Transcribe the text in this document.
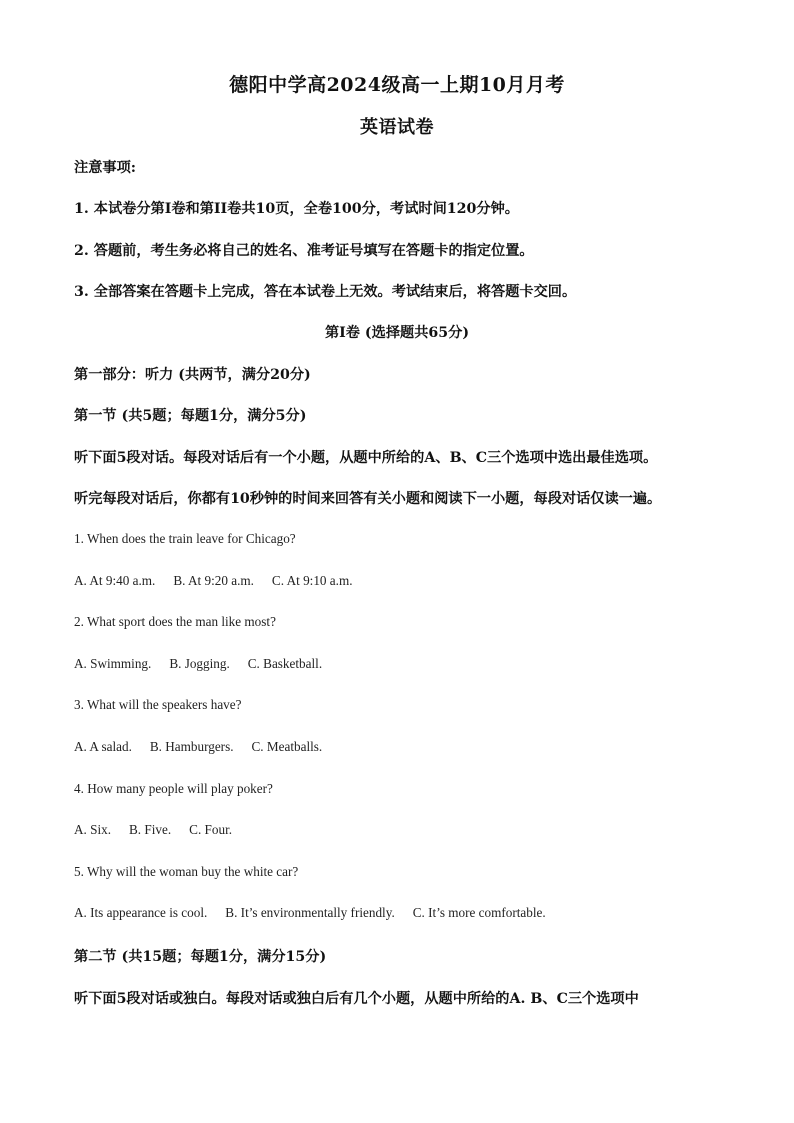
德阳中学高2024级高一上期10月月考
英语试卷
注意事项:
1. 本试卷分第I卷和第II卷共10页，全卷100分，考试时间120分钟。
2. 答题前，考生务必将自己的姓名、准考证号填写在答题卡的指定位置。
3. 全部答案在答题卡上完成，答在本试卷上无效。考试结束后，将答题卡交回。
第I卷 (选择题共65分)
第一部分：听力 (共两节，满分20分)
第一节 (共5题；每题1分，满分5分)
听下面5段对话。每段对话后有一个小题，从题中所给的A、B、C三个选项中选出最佳选项。
听完每段对话后，你都有10秒钟的时间来回答有关小题和阅读下一小题，每段对话仅读一遍。
1. When does the train leave for Chicago?
A. At 9:40 a.m. B. At 9:20 a.m. C. At 9:10 a.m.
2. What sport does the man like most?
A. Swimming. B. Jogging. C. Basketball.
3. What will the speakers have?
A. A salad. B. Hamburgers. C. Meatballs.
4. How many people will play poker?
A. Six. B. Five. C. Four.
5. Why will the woman buy the white car?
A. Its appearance is cool. B. It’s environmentally friendly. C. It’s more comfortable.
第二节 (共15题；每题1分，满分15分)
听下面5段对话或独白。每段对话或独白后有几个小题，从题中所给的A. B、C三个选项中
